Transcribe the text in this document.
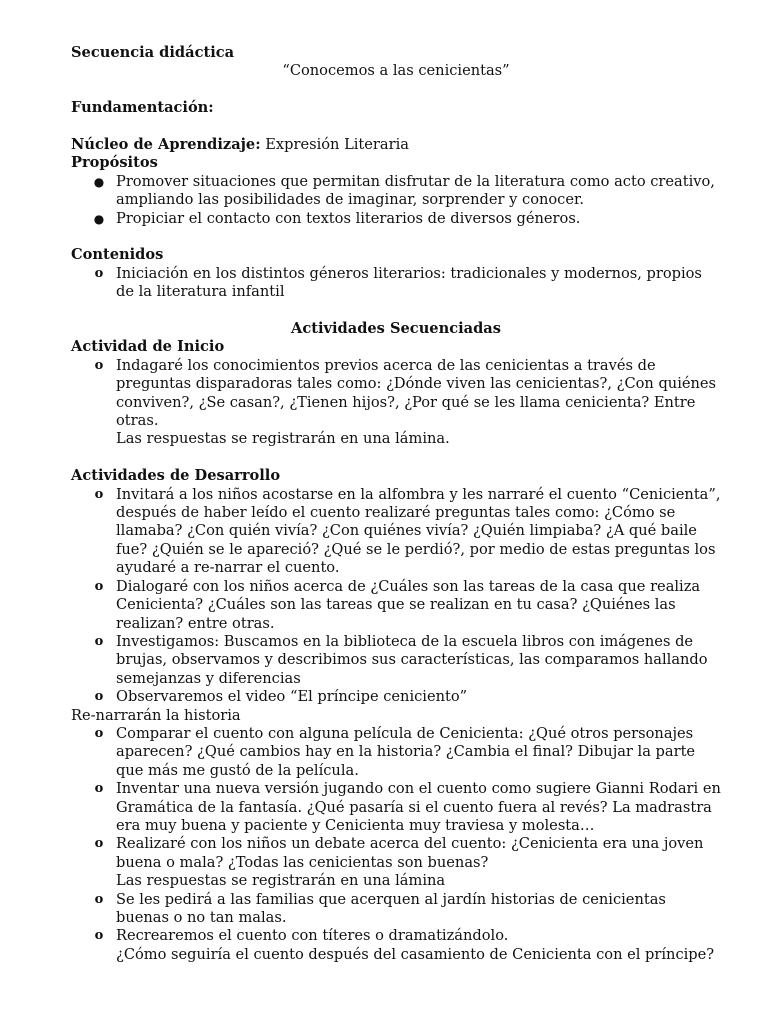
Secuencia didáctica

“Conocemos a las cenicientas”

Fundamentación:

Núcleo de Aprendizaje: Expresión Literaria

Propósitos

● Promover situaciones que permitan disfrutar de la literatura como acto creativo, ampliando las posibilidades de imaginar, sorprender y conocer.
● Propiciar el contacto con textos literarios de diversos géneros.

Contenidos

o Iniciación en los distintos géneros literarios: tradicionales y modernos, propios de la literatura infantil

Actividades Secuenciadas

Actividad de Inicio

o Indagaré los conocimientos previos acerca de las cenicientas a través de preguntas disparadoras tales como: ¿Dónde viven las cenicientas?, ¿Con quiénes conviven?, ¿Se casan?, ¿Tienen hijos?, ¿Por qué se les llama cenicienta? Entre otras.
Las respuestas se registrarán en una lámina.

Actividades de Desarrollo

o Invitará a los niños acostarse en la alfombra y les narraré el cuento “Cenicienta”, después de haber leído el cuento realizaré preguntas tales como: ¿Cómo se llamaba? ¿Con quién vivía? ¿Con quiénes vivía? ¿Quién limpiaba? ¿A qué baile fue? ¿Quién se le apareció? ¿Qué se le perdió?, por medio de estas preguntas los ayudaré a re-narrar el cuento.
o Dialogaré con los niños acerca de ¿Cuáles son las tareas de la casa que realiza Cenicienta? ¿Cuáles son las tareas que se realizan en tu casa? ¿Quiénes las realizan? entre otras.
o Investigamos: Buscamos en la biblioteca de la escuela libros con imágenes de brujas, observamos y describimos sus características, las comparamos hallando semejanzas y diferencias
o Observaremos el video “El príncipe ceniciento”

Re-narrarán la historia

o Comparar el cuento con alguna película de Cenicienta: ¿Qué otros personajes aparecen? ¿Qué cambios hay en la historia? ¿Cambia el final? Dibujar la parte que más me gustó de la película.
o Inventar una nueva versión jugando con el cuento como sugiere Gianni Rodari en Gramática de la fantasía. ¿Qué pasaría si el cuento fuera al revés? La madrastra era muy buena y paciente y Cenicienta muy traviesa y molesta…
o Realizaré con los niños un debate acerca del cuento: ¿Cenicienta era una joven buena o mala? ¿Todas las cenicientas son buenas?
Las respuestas se registrarán en una lámina
o Se les pedirá a las familias que acerquen al jardín historias de cenicientas buenas o no tan malas.
o Recrearemos el cuento con títeres o dramatizándolo.
¿Cómo seguiría el cuento después del casamiento de Cenicienta con el príncipe?
